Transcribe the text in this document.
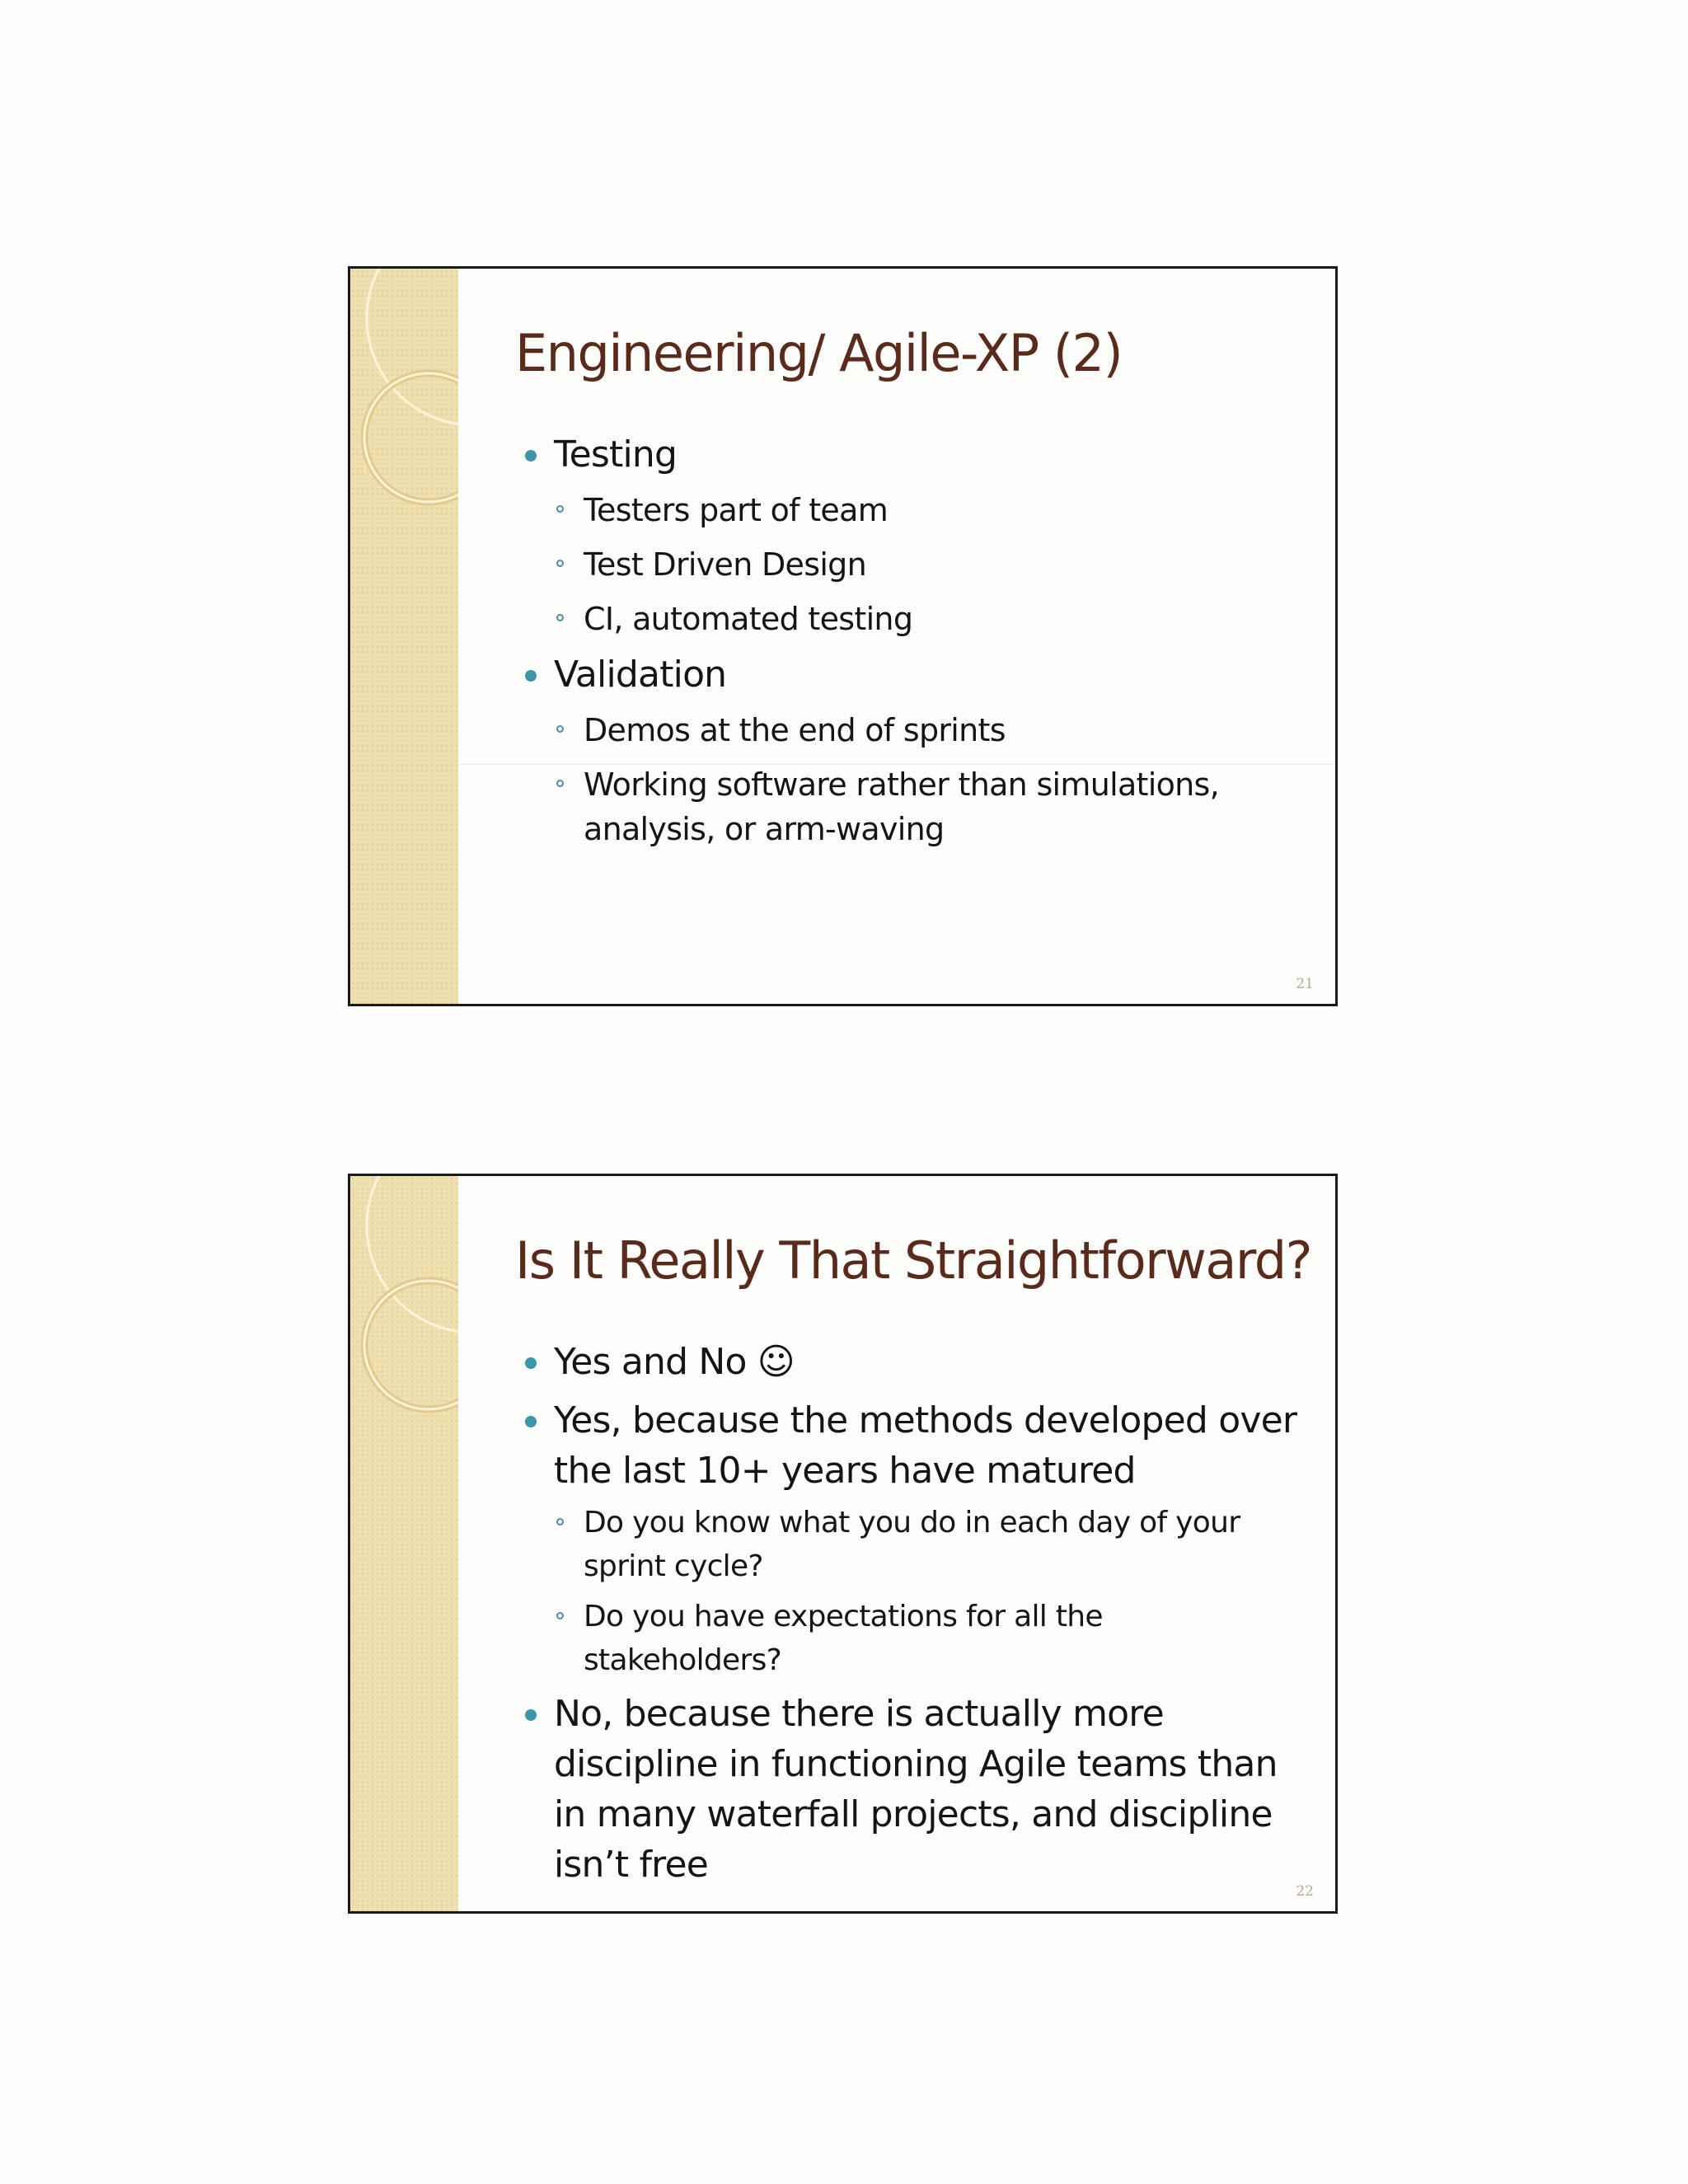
Engineering/ Agile-XP (2)
Testing
Testers part of team
Test Driven Design
CI, automated testing
Validation
Demos at the end of sprints
Working software rather than simulations, analysis, or arm-waving
21
Is It Really That Straightforward?
Yes and No ☺
Yes, because the methods developed over the last 10+ years have matured
Do you know what you do in each day of your sprint cycle?
Do you have expectations for all the stakeholders?
No, because there is actually more discipline in functioning Agile teams than in many waterfall projects, and discipline isn’t free
22
